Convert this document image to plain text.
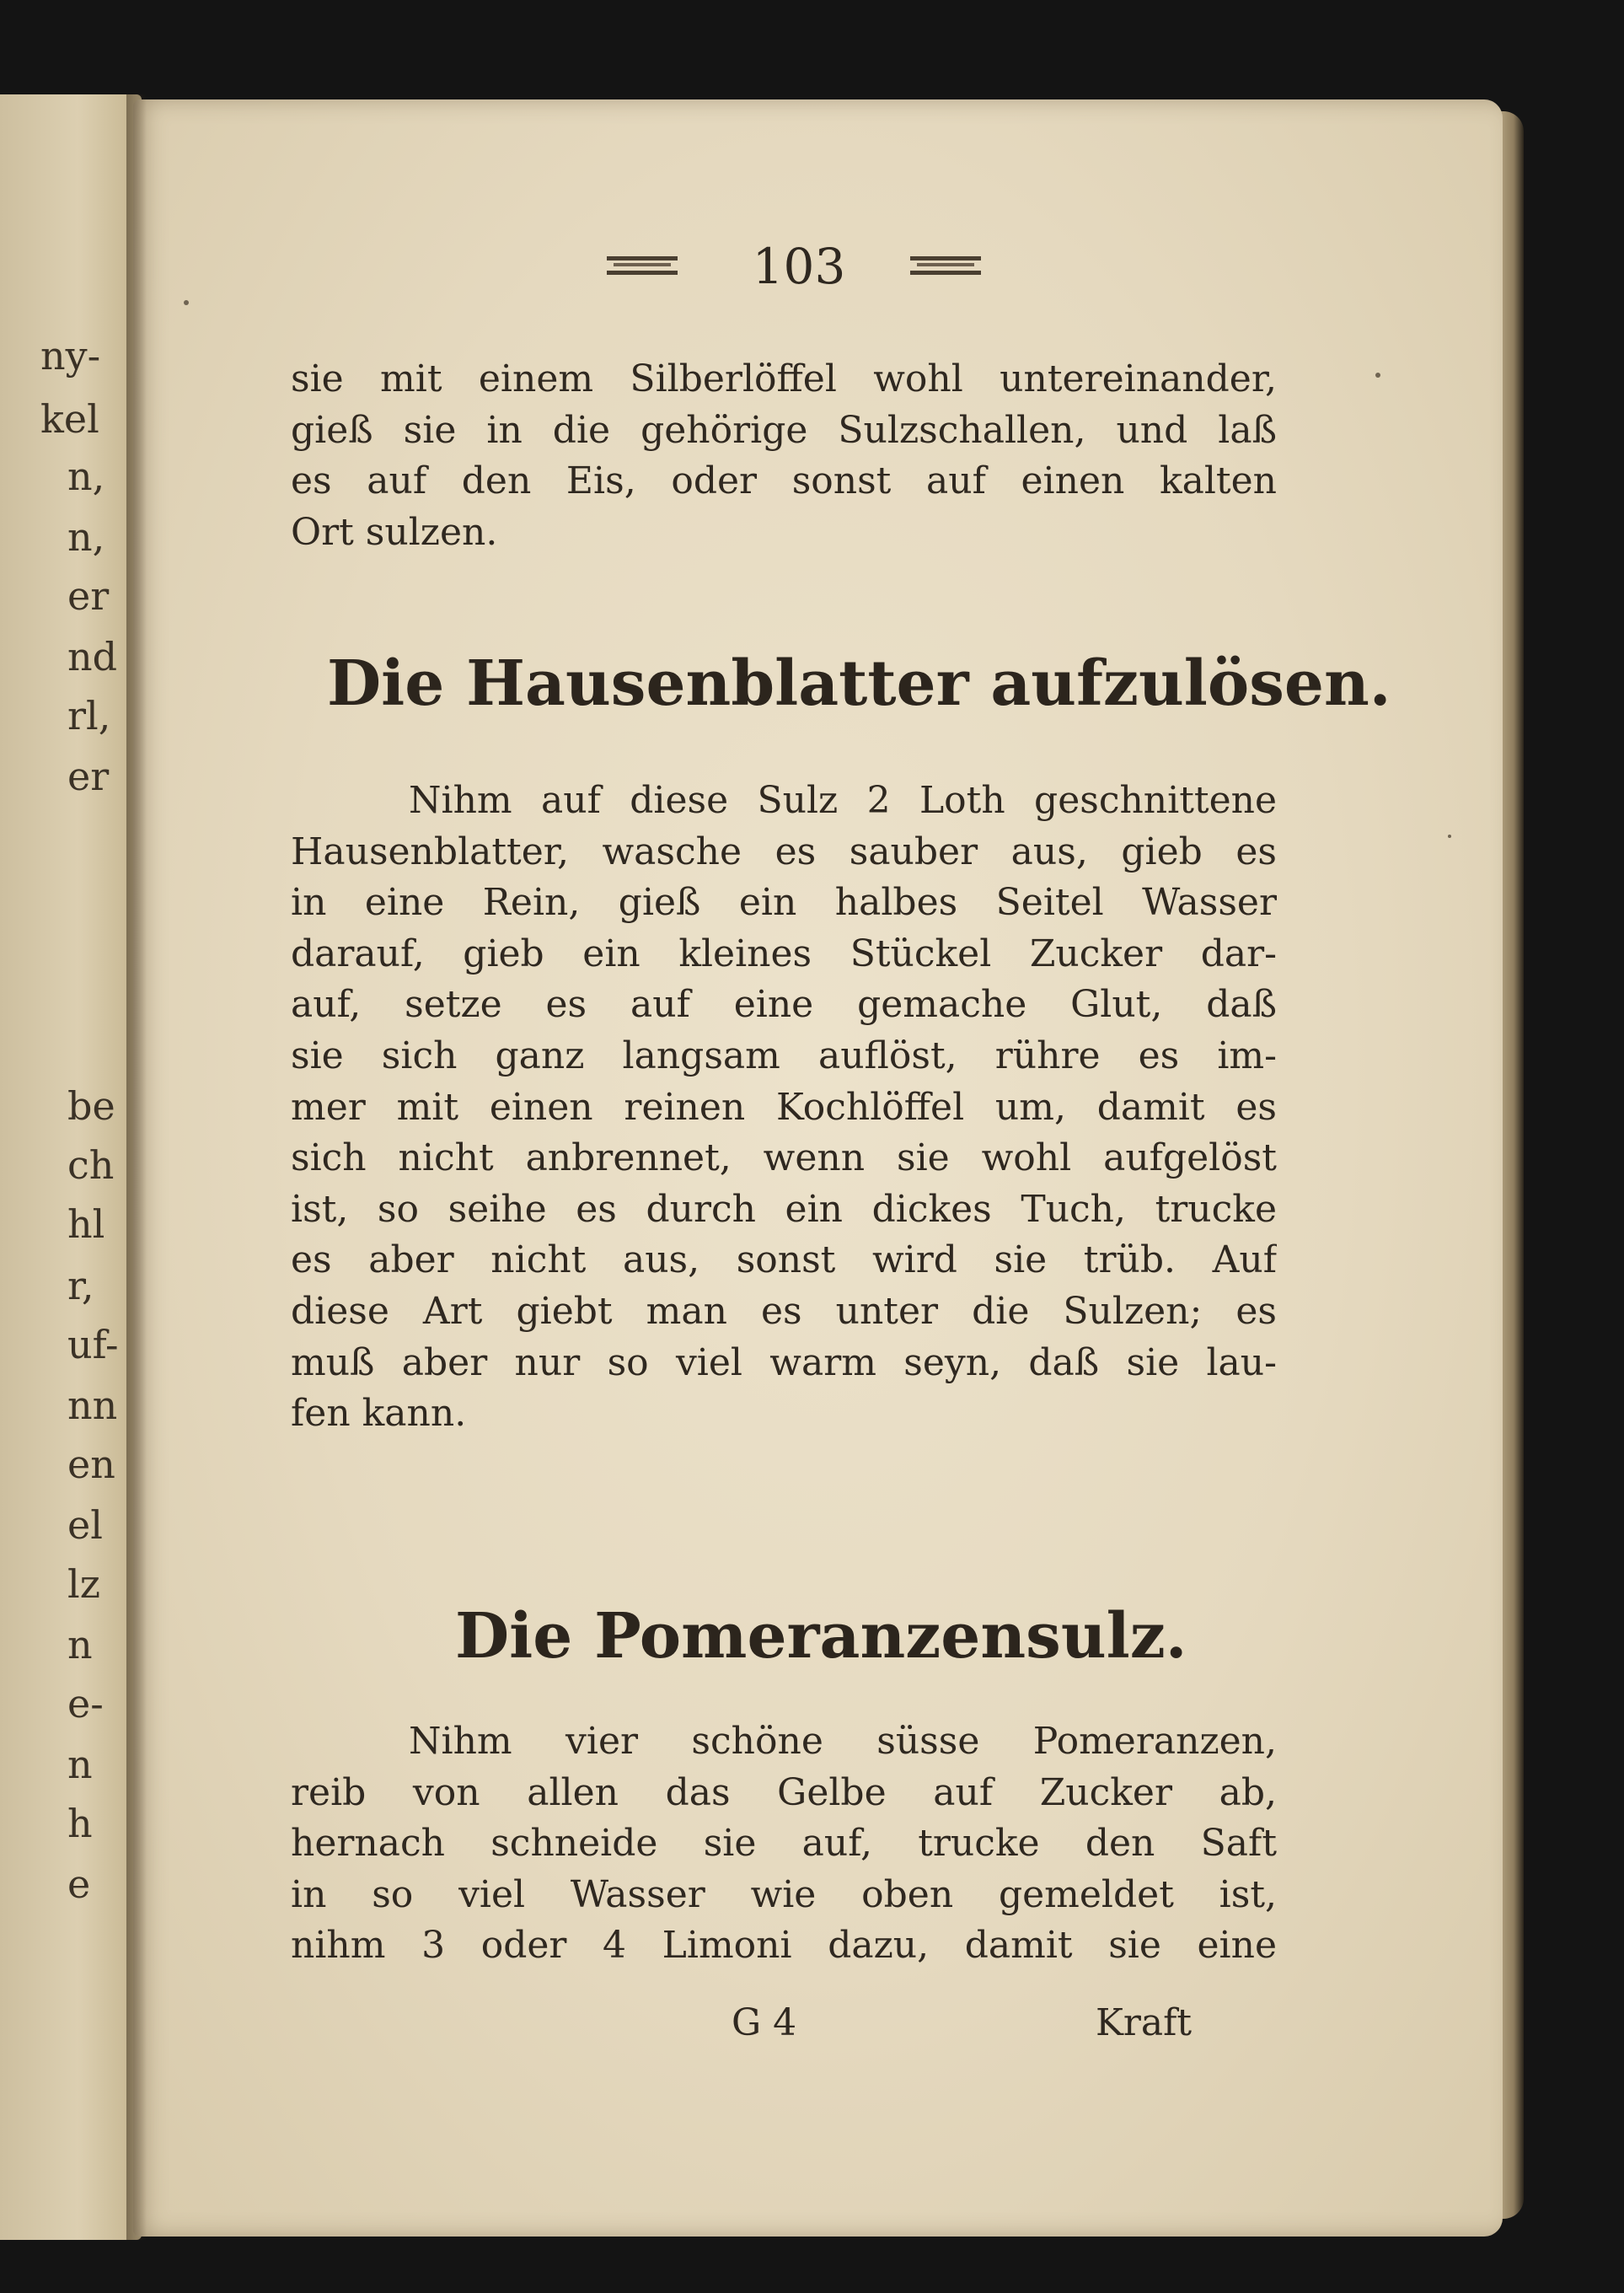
ny-
kel
n,
n,
er
nd
rl,
er
be
ch
hl
r,
uf-
nn
en
el
lz
n
e-
n
h
e
103
sie mit einem Silberlöffel wohl untereinander,
gieß sie in die gehörige Sulzschallen, und laß
es auf den Eis, oder sonst auf einen kalten
Ort sulzen.
Die Hausenblatter aufzulösen.
Nihm auf diese Sulz 2 Loth geschnittene
Hausenblatter, wasche es sauber aus, gieb es
in eine Rein, gieß ein halbes Seitel Wasser
darauf, gieb ein kleines Stückel Zucker dar-
auf, setze es auf eine gemache Glut, daß
sie sich ganz langsam auflöst, rühre es im-
mer mit einen reinen Kochlöffel um, damit es
sich nicht anbrennet, wenn sie wohl aufgelöst
ist, so seihe es durch ein dickes Tuch, trucke
es aber nicht aus, sonst wird sie trüb. Auf
diese Art giebt man es unter die Sulzen; es
muß aber nur so viel warm seyn, daß sie lau-
fen kann.
Die Pomeranzensulz.
Nihm vier schöne süsse Pomeranzen,
reib von allen das Gelbe auf Zucker ab,
hernach schneide sie auf, trucke den Saft
in so viel Wasser wie oben gemeldet ist,
nihm 3 oder 4 Limoni dazu, damit sie eine
G 4	Kraft
